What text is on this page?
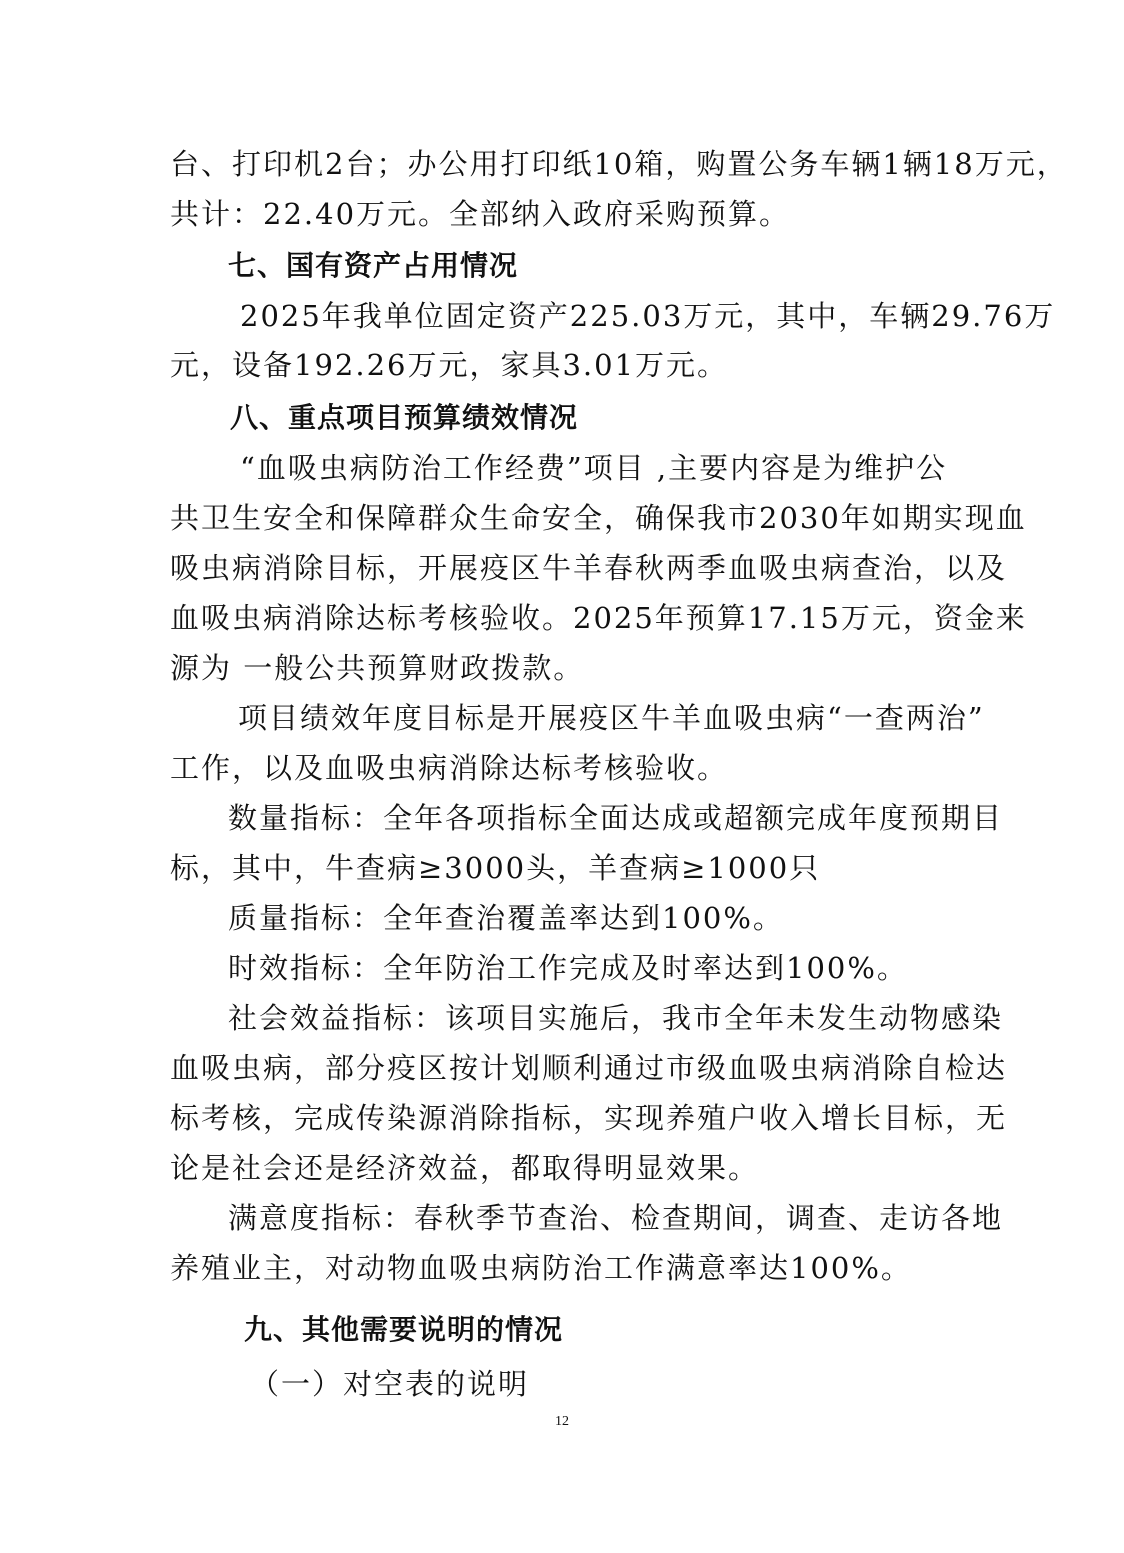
台、打印机2台；办公用打印纸10箱，购置公务车辆1辆18万元，

共计：22.40万元。全部纳入政府采购预算。

七、国有资产占用情况

2025年我单位固定资产225.03万元，其中，车辆29.76万

元，设备192.26万元，家具3.01万元。

八、重点项目预算绩效情况

“血吸虫病防治工作经费”项目 ,主要内容是为维护公

共卫生安全和保障群众生命安全，确保我市2030年如期实现血

吸虫病消除目标，开展疫区牛羊春秋两季血吸虫病查治，以及

血吸虫病消除达标考核验收。2025年预算17.15万元，资金来

源为 一般公共预算财政拨款。

项目绩效年度目标是开展疫区牛羊血吸虫病“一查两治”

工作，以及血吸虫病消除达标考核验收。

数量指标：全年各项指标全面达成或超额完成年度预期目

标，其中，牛查病≥3000头，羊查病≥1000只

质量指标：全年查治覆盖率达到100%。

时效指标：全年防治工作完成及时率达到100%。

社会效益指标：该项目实施后，我市全年未发生动物感染

血吸虫病，部分疫区按计划顺利通过市级血吸虫病消除自检达

标考核，完成传染源消除指标，实现养殖户收入增长目标，无

论是社会还是经济效益，都取得明显效果。

满意度指标：春秋季节查治、检查期间，调查、走访各地

养殖业主，对动物血吸虫病防治工作满意率达100%。

九、其他需要说明的情况

（一）对空表的说明

12
